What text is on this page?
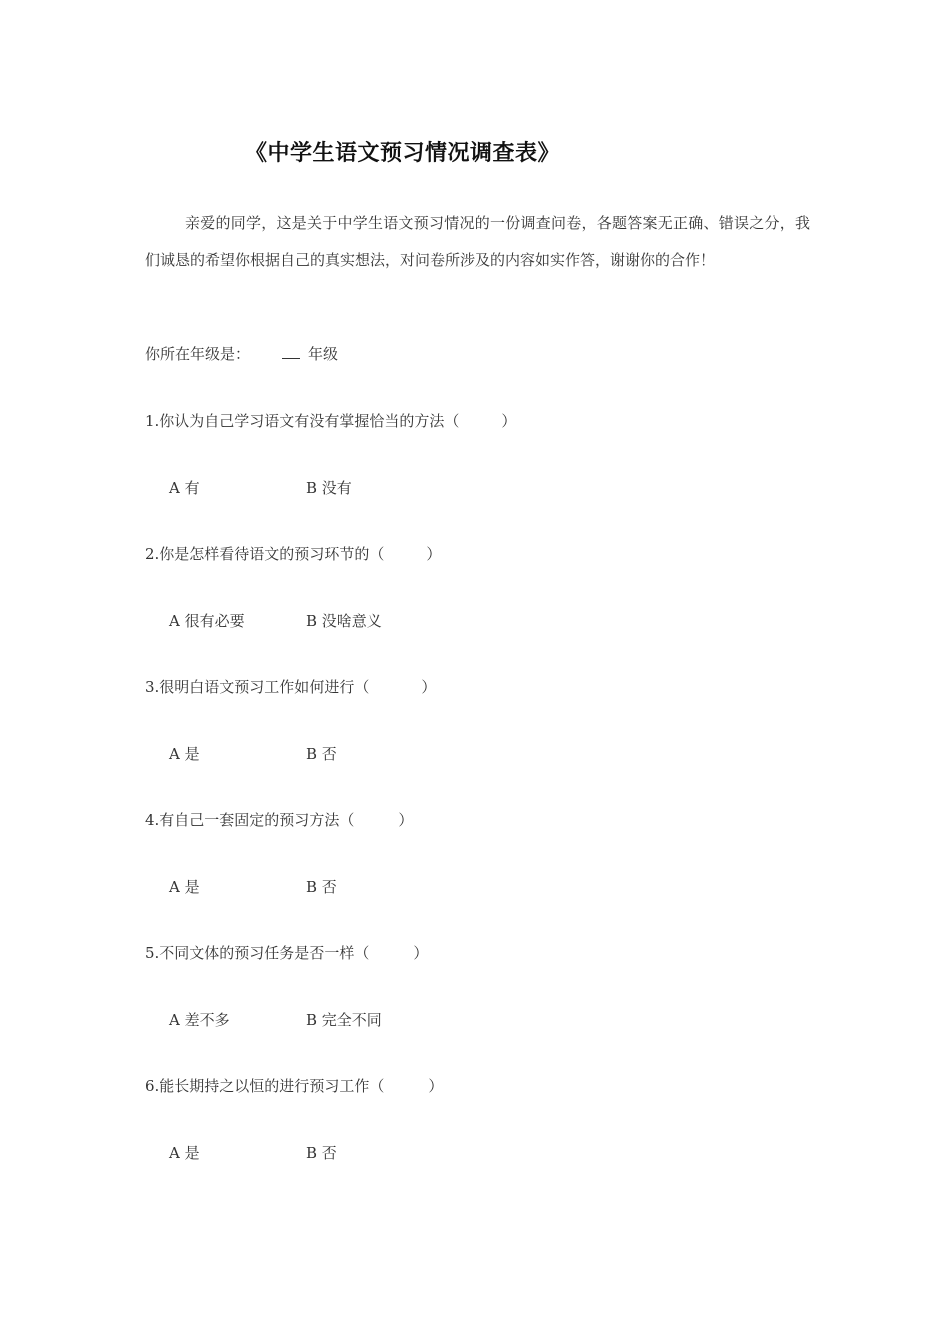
《中学生语文预习情况调查表》

亲爱的同学，这是关于中学生语文预习情况的一份调查问卷，各题答案无正确、错误之分，我们诚恳的希望你根据自己的真实想法，对问卷所涉及的内容如实作答，谢谢你的合作！

你所在年级是：	年级
1.你认为自己学习语文有没有掌握恰当的方法（	）
A 有	B 没有
2.你是怎样看待语文的预习环节的（	）
A 很有必要	B 没啥意义
3.很明白语文预习工作如何进行（	）
A 是	B 否
4.有自己一套固定的预习方法（	）
A 是	B 否
5.不同文体的预习任务是否一样（	）
A 差不多	B 完全不同
6.能长期持之以恒的进行预习工作（	）
A 是	B 否
